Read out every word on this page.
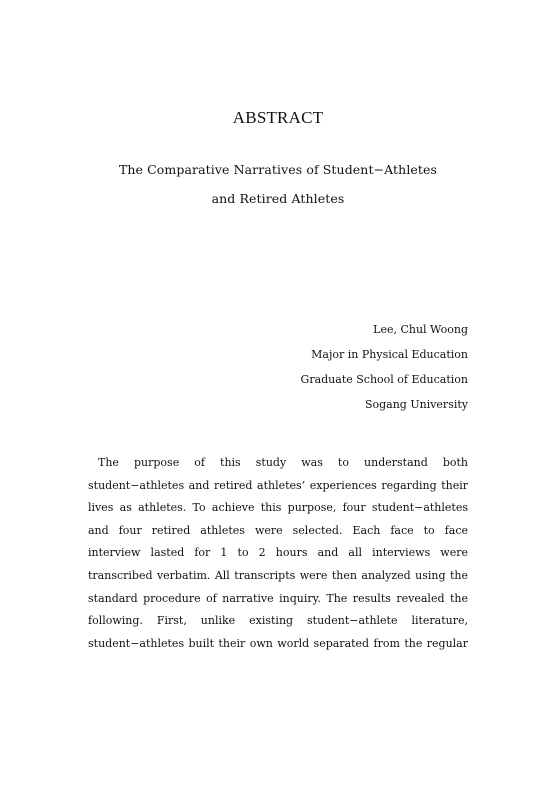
ABSTRACT
The Comparative Narratives of Student−Athletes
and Retired Athletes
Lee, Chul Woong
Major in Physical Education
Graduate School of Education
Sogang University
The purpose of this study was to understand both
student−athletes and retired athletes’ experiences regarding their
lives as athletes. To achieve this purpose, four student−athletes
and four retired athletes were selected. Each face to face
interview lasted for 1 to 2 hours and all interviews were
transcribed verbatim. All transcripts were then analyzed using the
standard procedure of narrative inquiry. The results revealed the
following. First, unlike existing student−athlete literature,
student−athletes built their own world separated from the regular
